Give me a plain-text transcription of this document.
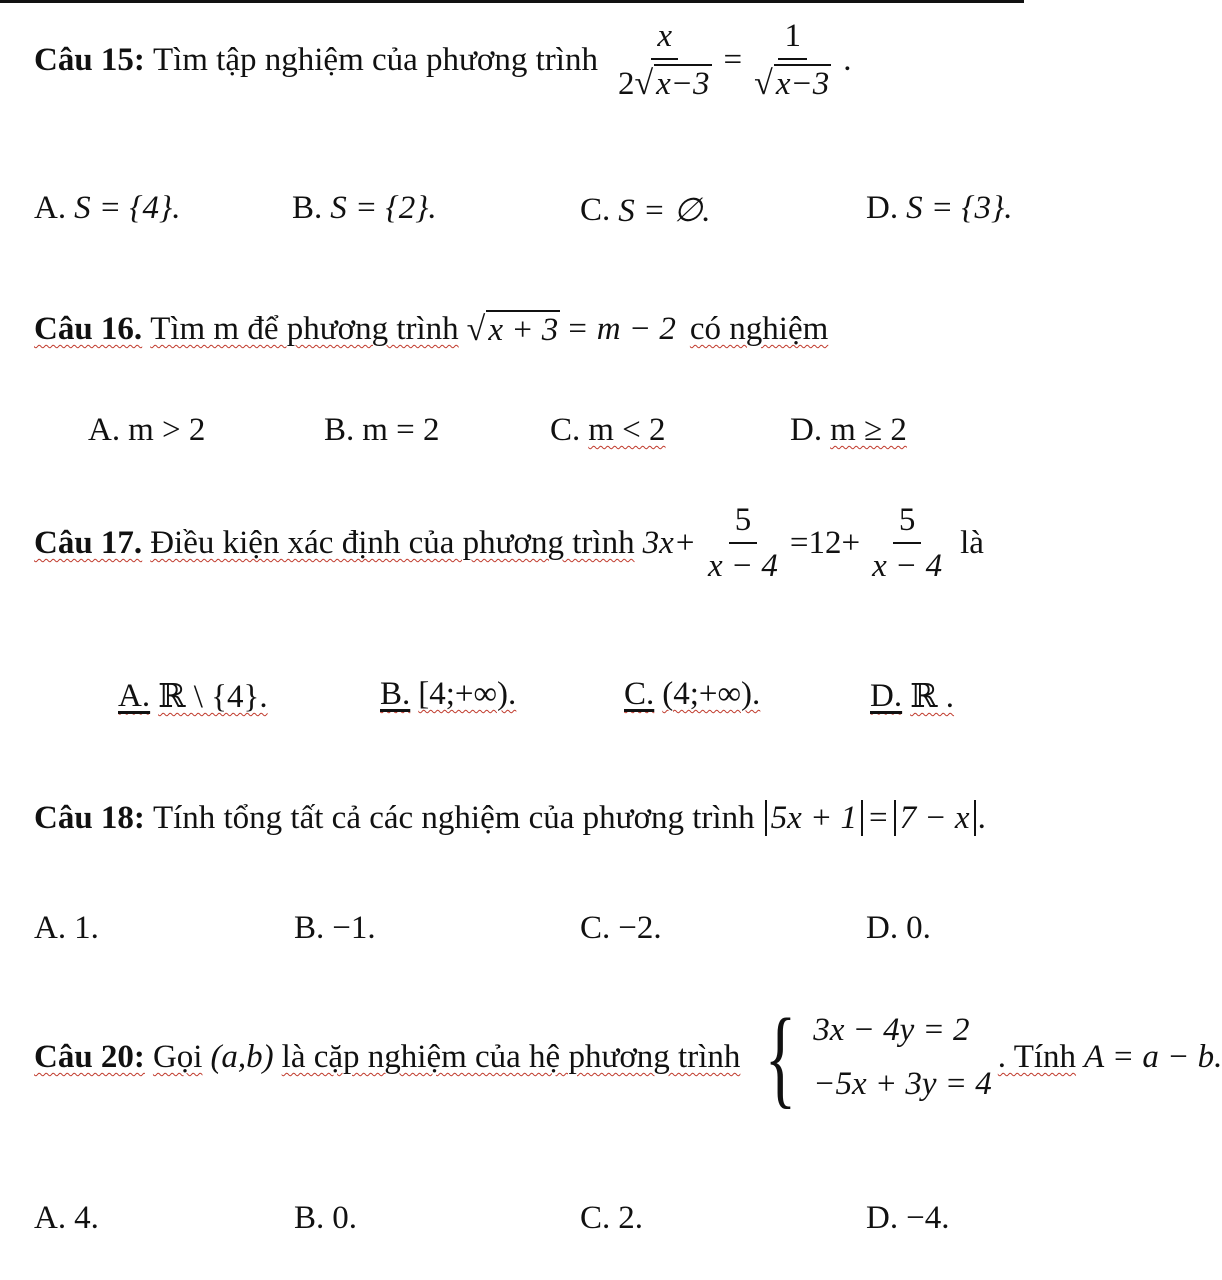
Câu 15: Tìm tập nghiệm của phương trình $\frac{x}{2 √ x-3} = \frac{1}{√ x-3}$ .
A. S = {4}.	B. S = {2}.	C. S = ∅.	D. S = {3}.
Câu 16. Tìm m để phương trình √ x + 3 = m − 2 có nghiệm
A. m > 2	B. m = 2	C. m < 2	D. m ≥ 2
Câu 17. Điều kiện xác định của phương trình $3x+ \frac{5}{x - 4} =12+ \frac{5}{x - 4}$ là
A. ℝ \ {4}.	B. [4;+∞).	C. (4;+∞).	D. ℝ .
Câu 18: Tính tổng tất cả các nghiệm của phương trình 5x + 1 = 7 − x .
A. 1.	B. −1.	C. −2.	D. 0.
Câu 20: Gọi (a,b) là cặp nghiệm của hệ phương trình { 3x − 4y = 2
−5x + 3y = 4
. Tính A = a − b.
A. 4.	B. 0.	C. 2.	D. −4.
